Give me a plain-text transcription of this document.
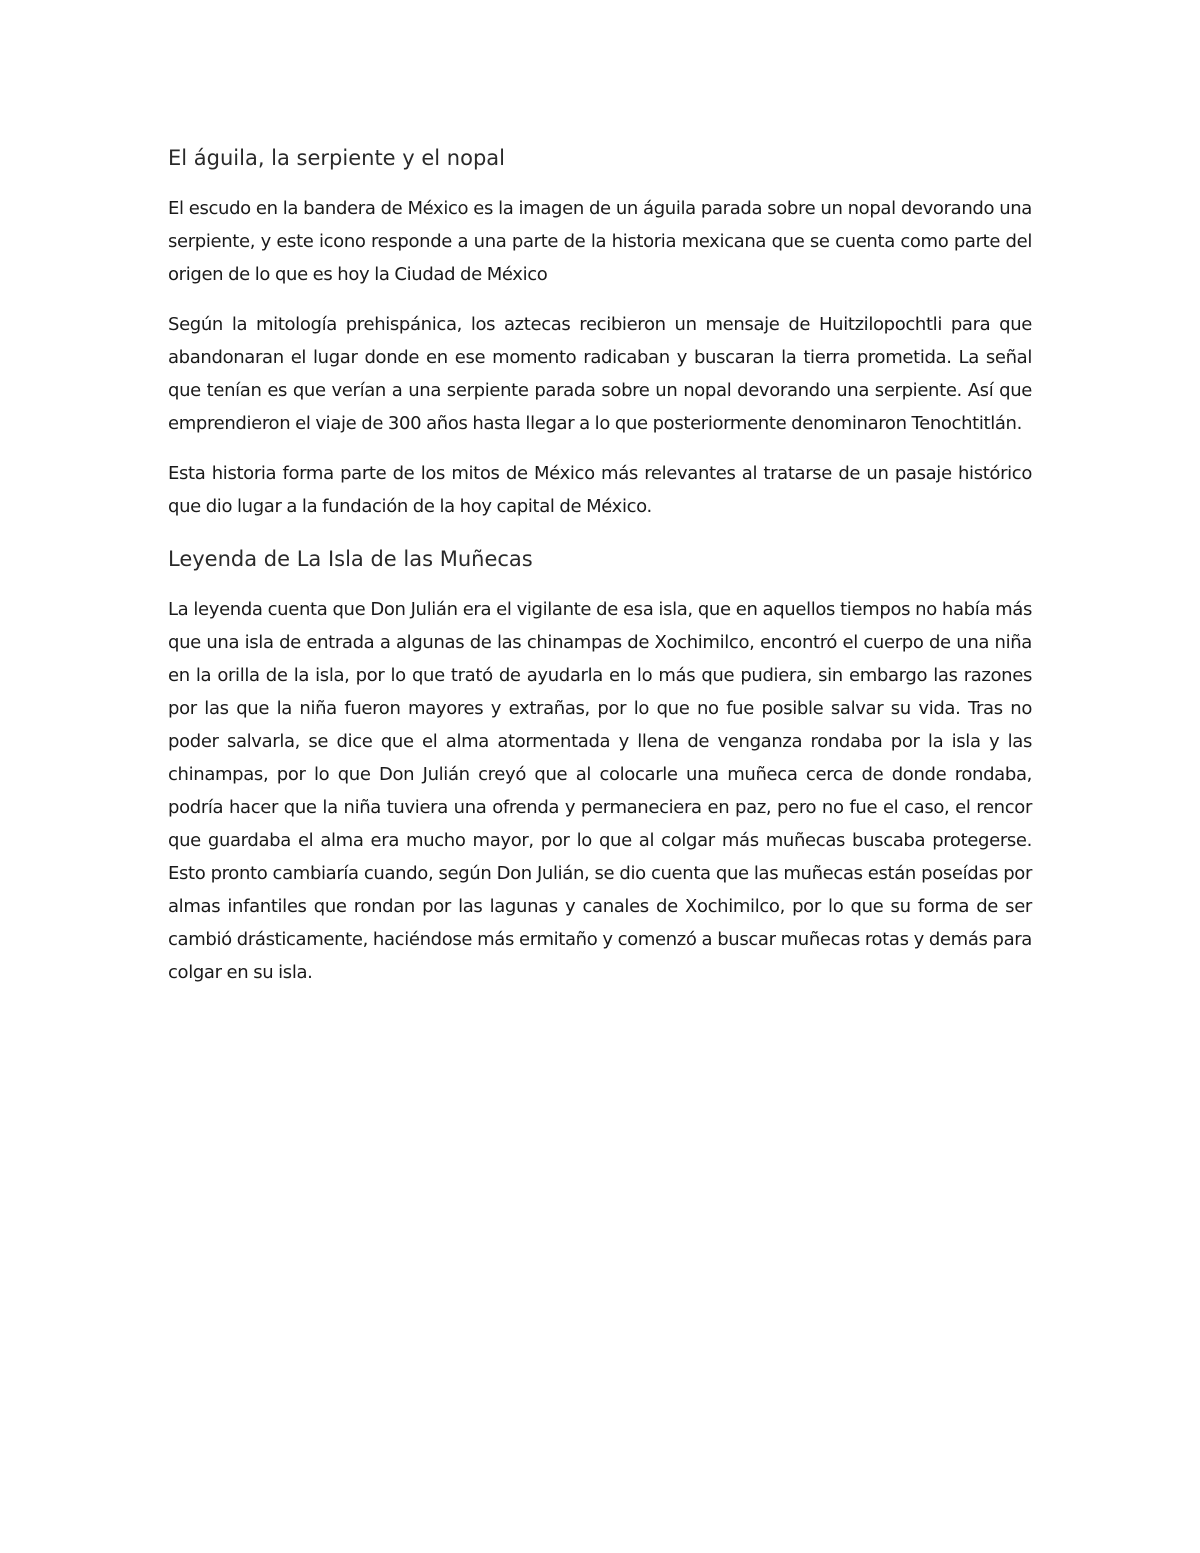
El águila, la serpiente y el nopal

El escudo en la bandera de México es la imagen de un águila parada sobre un nopal devorando una serpiente, y este icono responde a una parte de la historia mexicana que se cuenta como parte del origen de lo que es hoy la Ciudad de México

Según la mitología prehispánica, los aztecas recibieron un mensaje de Huitzilopochtli para que abandonaran el lugar donde en ese momento radicaban y buscaran la tierra prometida. La señal que tenían es que verían a una serpiente parada sobre un nopal devorando una serpiente. Así que emprendieron el viaje de 300 años hasta llegar a lo que posteriormente denominaron Tenochtitlán.

Esta historia forma parte de los mitos de México más relevantes al tratarse de un pasaje histórico que dio lugar a la fundación de la hoy capital de México.

Leyenda de La Isla de las Muñecas

La leyenda cuenta que Don Julián era el vigilante de esa isla, que en aquellos tiempos no había más que una isla de entrada a algunas de las chinampas de Xochimilco, encontró el cuerpo de una niña en la orilla de la isla, por lo que trató de ayudarla en lo más que pudiera, sin embargo las razones por las que la niña fueron mayores y extrañas, por lo que no fue posible salvar su vida. Tras no poder salvarla, se dice que el alma atormentada y llena de venganza rondaba por la isla y las chinampas, por lo que Don Julián creyó que al colocarle una muñeca cerca de donde rondaba, podría hacer que la niña tuviera una ofrenda y permaneciera en paz, pero no fue el caso, el rencor que guardaba el alma era mucho mayor, por lo que al colgar más muñecas buscaba protegerse. Esto pronto cambiaría cuando, según Don Julián, se dio cuenta que las muñecas están poseídas por almas infantiles que rondan por las lagunas y canales de Xochimilco, por lo que su forma de ser cambió drásticamente, haciéndose más ermitaño y comenzó a buscar muñecas rotas y demás para colgar en su isla.
